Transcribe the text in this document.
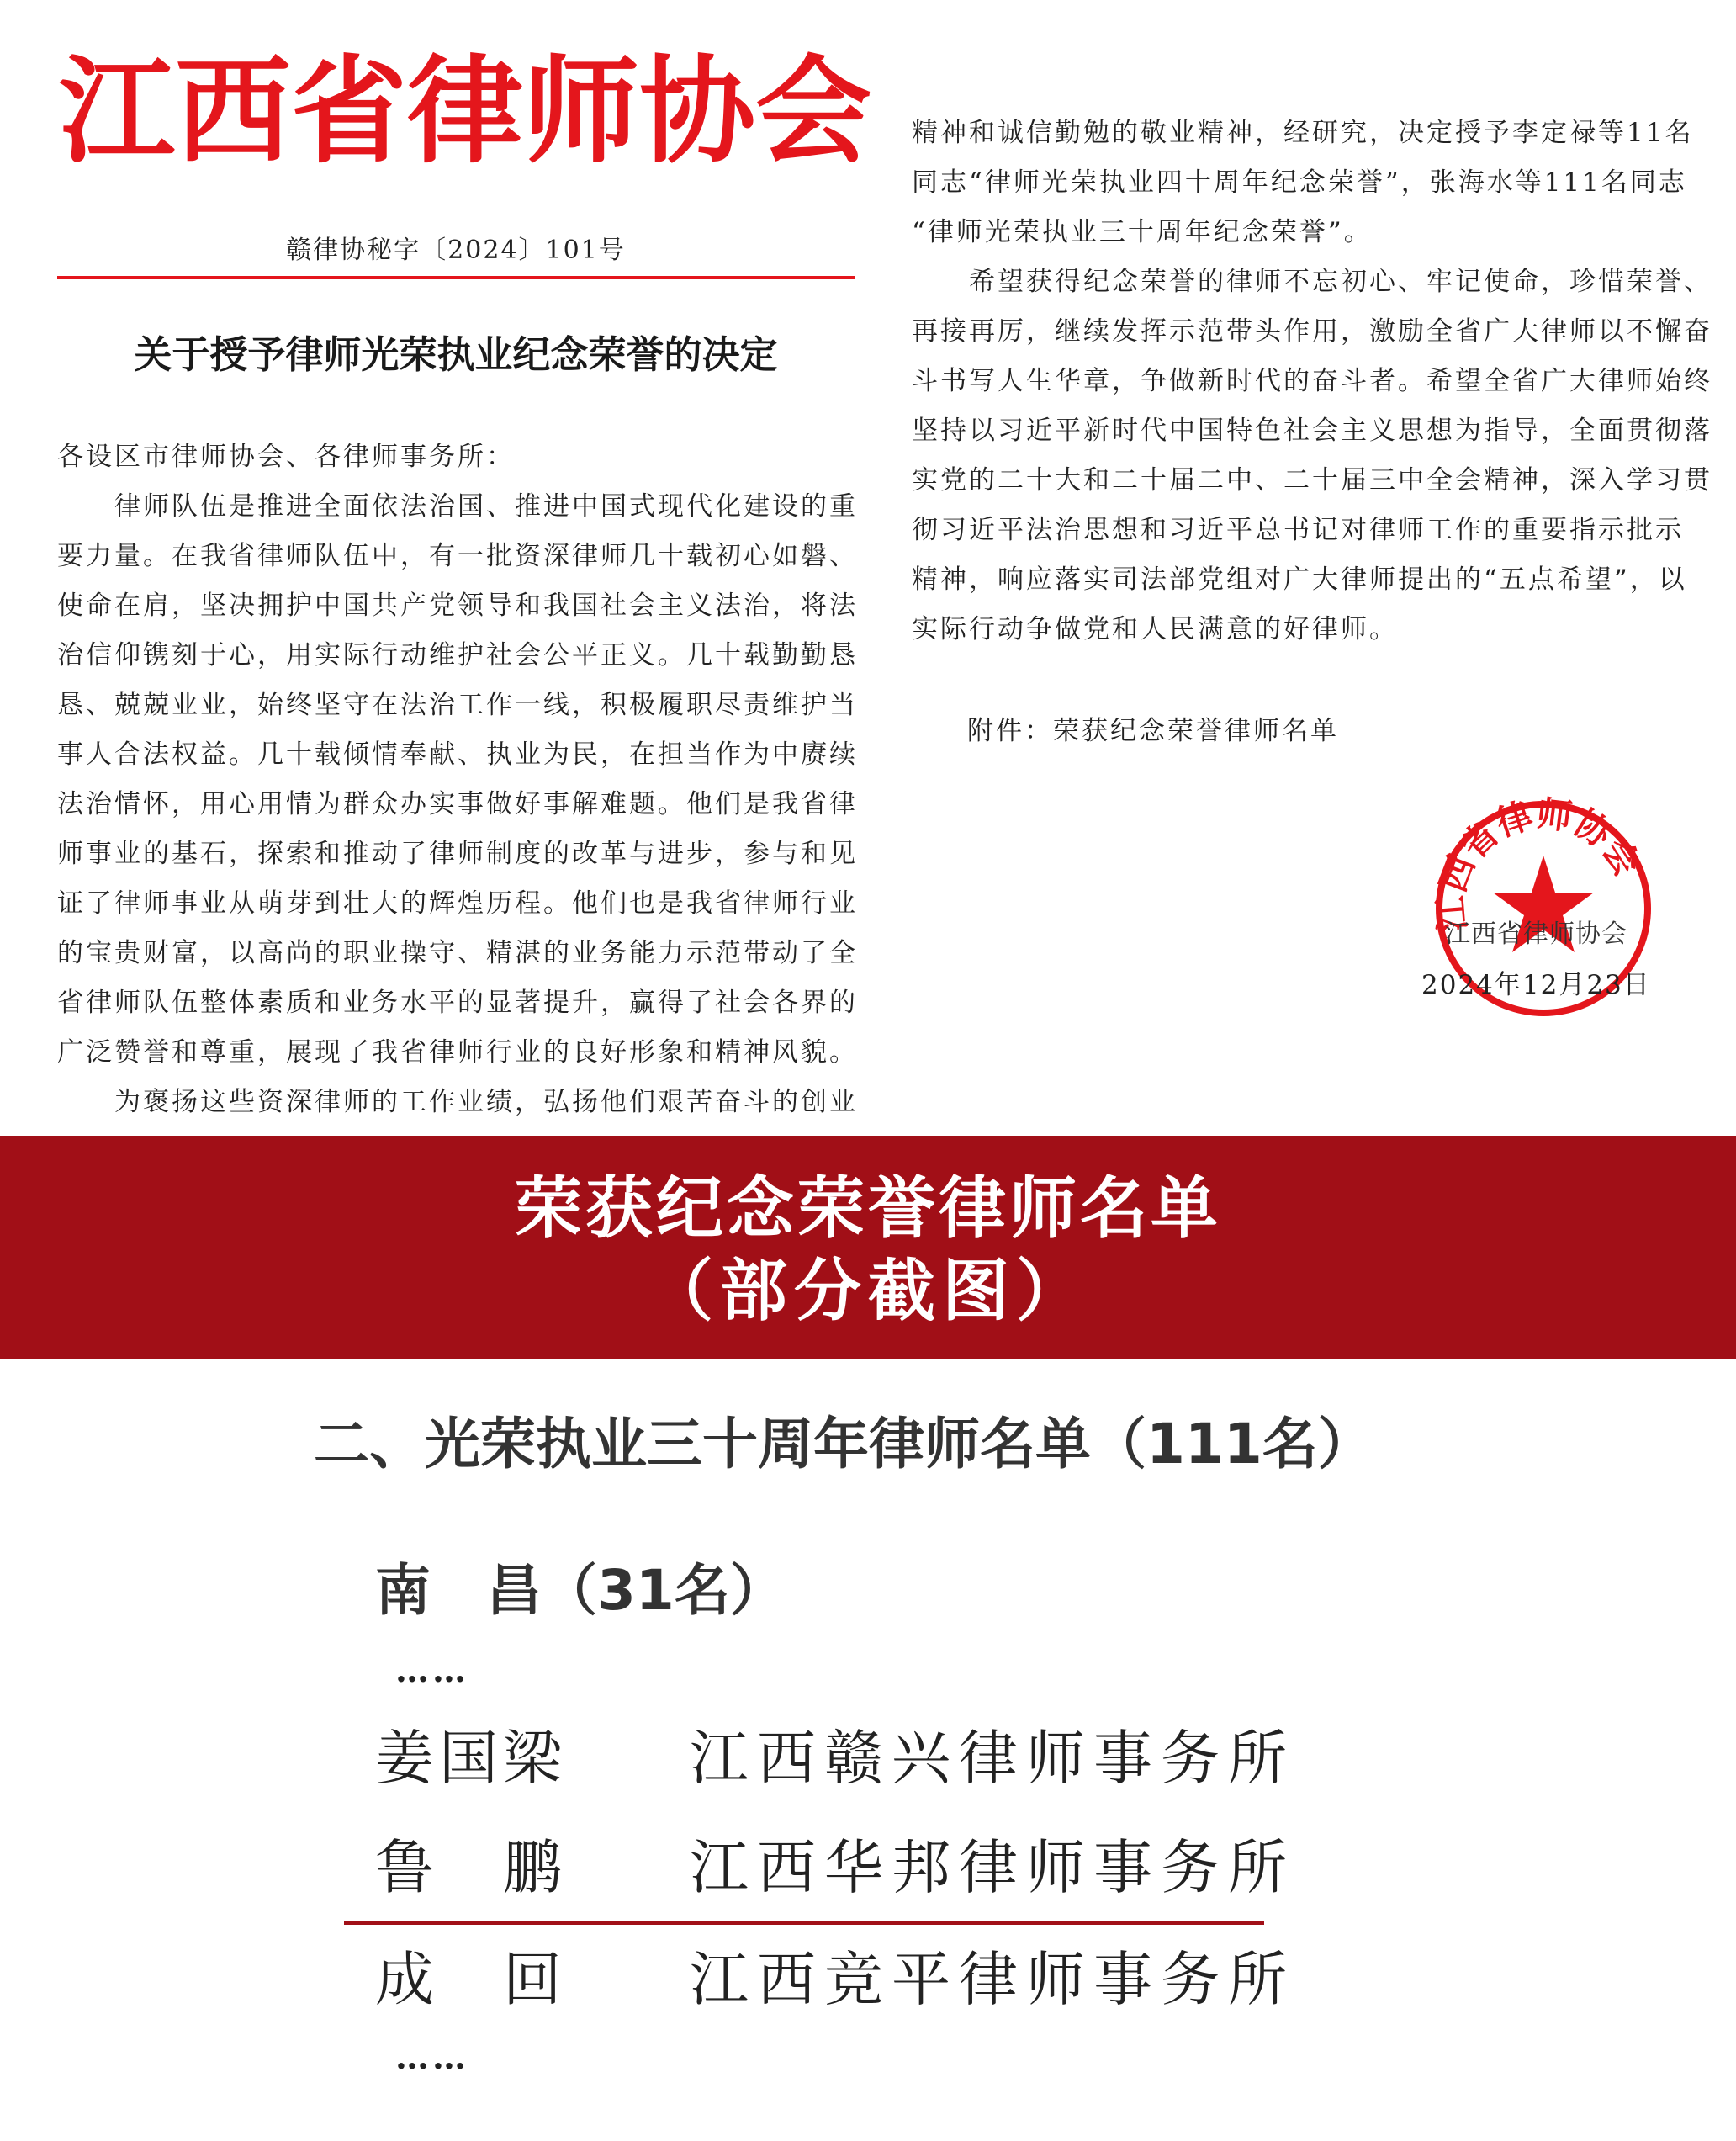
江 西 省 律 师 协 会
赣律协秘字〔2024〕101号
关于授予律师光荣执业纪念荣誉的决定
各设区市律师协会、各律师事务所：
　　律师队伍是推进全面依法治国、推进中国式现代化建设的重
要力量。在我省律师队伍中，有一批资深律师几十载初心如磐、
使命在肩，坚决拥护中国共产党领导和我国社会主义法治，将法
治信仰镌刻于心，用实际行动维护社会公平正义。几十载勤勤恳
恳、兢兢业业，始终坚守在法治工作一线，积极履职尽责维护当
事人合法权益。几十载倾情奉献、执业为民，在担当作为中赓续
法治情怀，用心用情为群众办实事做好事解难题。他们是我省律
师事业的基石，探索和推动了律师制度的改革与进步，参与和见
证了律师事业从萌芽到壮大的辉煌历程。他们也是我省律师行业
的宝贵财富，以高尚的职业操守、精湛的业务能力示范带动了全
省律师队伍整体素质和业务水平的显著提升，赢得了社会各界的
广泛赞誉和尊重，展现了我省律师行业的良好形象和精神风貌。
　　为褒扬这些资深律师的工作业绩，弘扬他们艰苦奋斗的创业
精神和诚信勤勉的敬业精神，经研究，决定授予李定禄等11名
同志“律师光荣执业四十周年纪念荣誉”，张海水等111名同志
“律师光荣执业三十周年纪念荣誉”。
　　希望获得纪念荣誉的律师不忘初心、牢记使命，珍惜荣誉、
再接再厉，继续发挥示范带头作用，激励全省广大律师以不懈奋
斗书写人生华章，争做新时代的奋斗者。希望全省广大律师始终
坚持以习近平新时代中国特色社会主义思想为指导，全面贯彻落
实党的二十大和二十届二中、二十届三中全会精神，深入学习贯
彻习近平法治思想和习近平总书记对律师工作的重要指示批示
精神，响应落实司法部党组对广大律师提出的“五点希望”，以
实际行动争做党和人民满意的好律师。
附件：荣获纪念荣誉律师名单
江西省律师协会
江西省律师协会
2024年12月23日
荣获纪念荣誉律师名单
（部分截图）
二、光荣执业三十周年律师名单（111名）
南　昌（31名）
……
姜国梁 江西赣兴律师事务所
鲁　鹏 江西华邦律师事务所
成　回 江西竞平律师事务所
……
